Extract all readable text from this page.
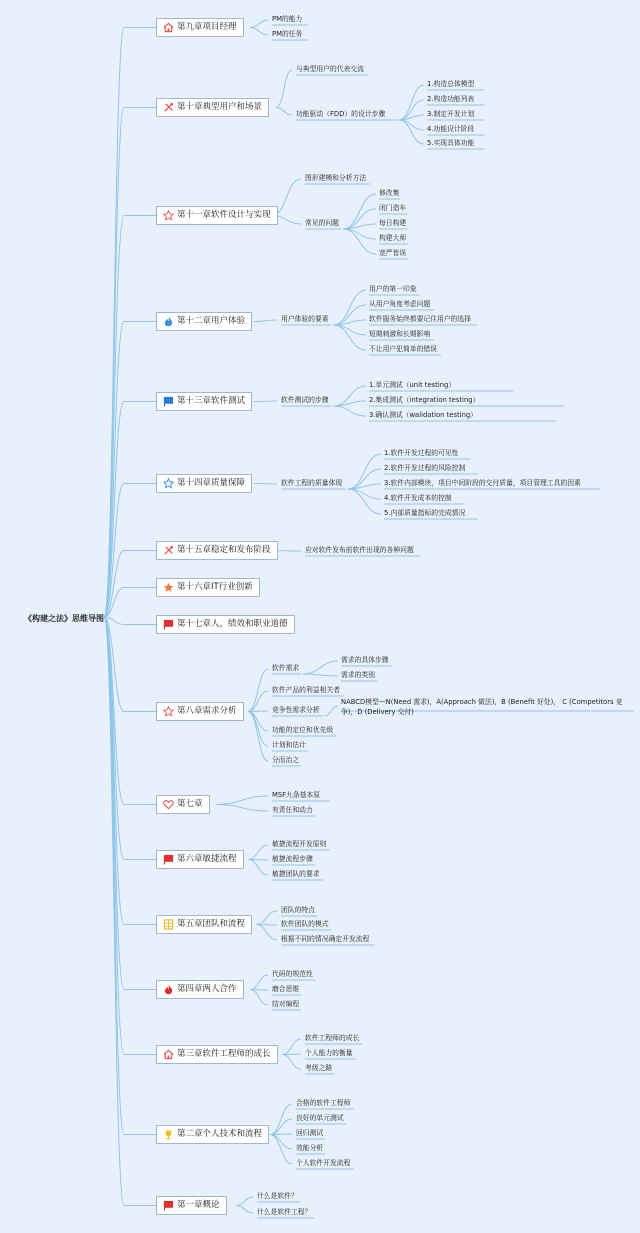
《构建之法》思维导图
第九章项目经理
PM的能力
PM的任务
第十章典型用户和场景
与典型用户的代表交流
功能驱动（FDD）的设计步骤
1.构造总体模型
2.构造功能列表
3.制定开发计划
4.功能设计阶段
5.实现具体功能
第十一章软件设计与实现
图形建模和分析方法
常见的问题
修改集
闭门造车
每日构建
构建大师
宽严皆误
第十二章用户体验	用户体验的要素
用户的第一印象
从用户角度考虑问题
软件服务始终都要记住用户的选择
短期刺激和长期影响
不让用户犯简单的错误
第十三章软件测试	软件测试的步骤
1.单元测试（unit testing）
2.集成测试（integration testing）
3.确认测试（walidation testing）
第十四章质量保障	软件工程的质量体现
1.软件开发过程的可见性
2.软件开发过程的风险控制
3.软件内部模块，项目中间阶段的交付质量，项目管理工具的因素
4.软件开发成本的控制
5.内部质量指标的完成情况
第十五章稳定和发布阶段	应对软件发布前软件出现的各种问题
第十六章IT行业创新
第十七章人，绩效和职业道德
第八章需求分析
软件需求
需求的具体步骤
需求的类别
软件产品的利益相关者
竞争性需求分析
NABCD模型—N(Need 需求)，A(Approach 做法)，B (Benefit 好处)， C (Competitors 竞争)，D (Delivery 交付)
功能的定位和优先级
计划和估计
分而治之
第七章
MSF九条基本原
有责任和动力
第六章敏捷流程
敏捷流程开发原则
敏捷流程步骤
敏捷团队的要求
第五章团队和流程
团队的特点
软件团队的模式
根据不同的情况确定开发流程
第四章两人合作
代码的规范性
磨合思维
结对编程
第三章软件工程师的成长
软件工程师的成长
个人能力的衡量
考级之路
第二章个人技术和流程
合格的软件工程师
良好的单元测试
回归测试
效能分析
个人软件开发流程
第一章概论
什么是软件？
什么是软件工程？
